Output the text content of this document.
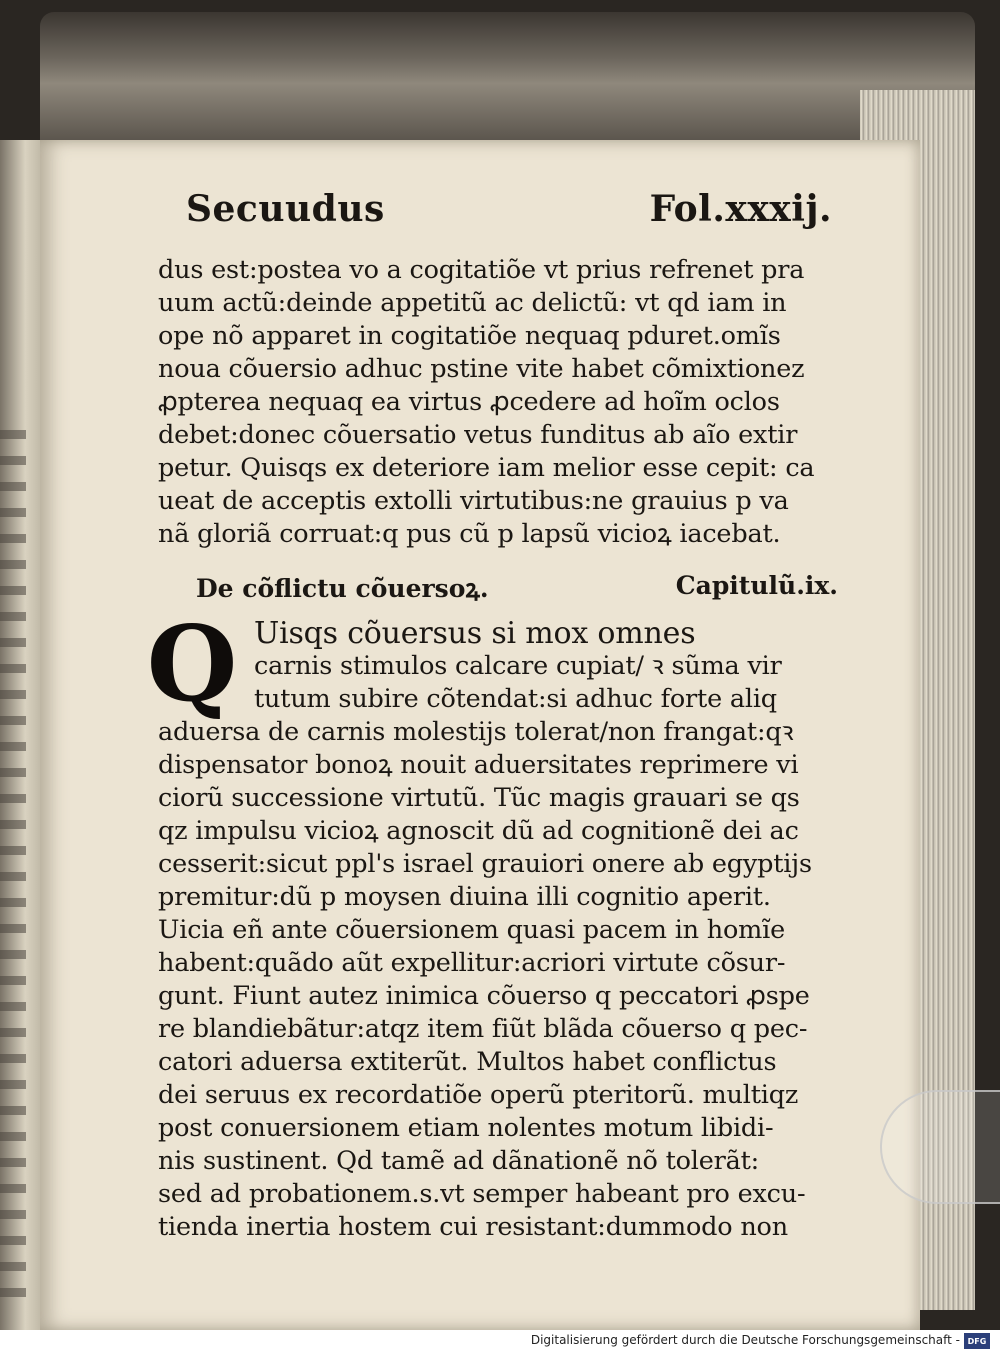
Secuudus	Fol.xxxij.
dus est:postea vo a cogitatiõe vt prius refrenet pra
uum actũ:deinde appetitũ ac delictũ: vt qd iam in
ope nõ apparet in cogitatiõe nequaq pduret.omĩs
noua cõuersio adhuc pstine vite habet cõmixtionez
ꝓpterea nequaq ea virtus ꝓcedere ad hoĩm oclos
debet:donec cõuersatio vetus funditus ab aĩo extir
petur. Quisqs ex deteriore iam melior esse cepit: ca
ueat de acceptis extolli virtutibus:ne grauius p va
nã gloriã corruat:q pus cũ p lapsũ vicioꝝ iacebat.
De cõflictu cõuersoꝝ.	Capitulũ.ix.
Q Uisqs cõuersus si mox omnes
carnis stimulos calcare cupiat/ ꝛ sũma vir
tutum subire cõtendat:si adhuc forte aliq
aduersa de carnis molestijs tolerat/non frangat:qꝛ
dispensator bonoꝝ nouit aduersitates reprimere vi
ciorũ successione virtutũ. Tũc magis grauari se qs
qz impulsu vicioꝝ agnoscit dũ ad cognitionẽ dei ac
cesserit:sicut ppl's israel grauiori onere ab egyptijs
premitur:dũ p moysen diuina illi cognitio aperit.
Uicia eñ ante cõuersionem quasi pacem in homĩe
habent:quãdo aũt expellitur:acriori virtute cõsur-
gunt. Fiunt autez inimica cõuerso q peccatori ꝓspe
re blandiebãtur:atqz item fiũt blãda cõuerso q pec-
catori aduersa extiterũt. Multos habet conflictus
dei seruus ex recordatiõe operũ pteritorũ. multiqz
post conuersionem etiam nolentes motum libidi-
nis sustinent. Qd tamẽ ad dãnationẽ nõ tolerãt:
sed ad probationem.s.vt semper habeant pro excu-
tienda inertia hostem cui resistant:dummodo non
Digitalisierung gefördert durch die Deutsche Forschungsgemeinschaft - DFG
